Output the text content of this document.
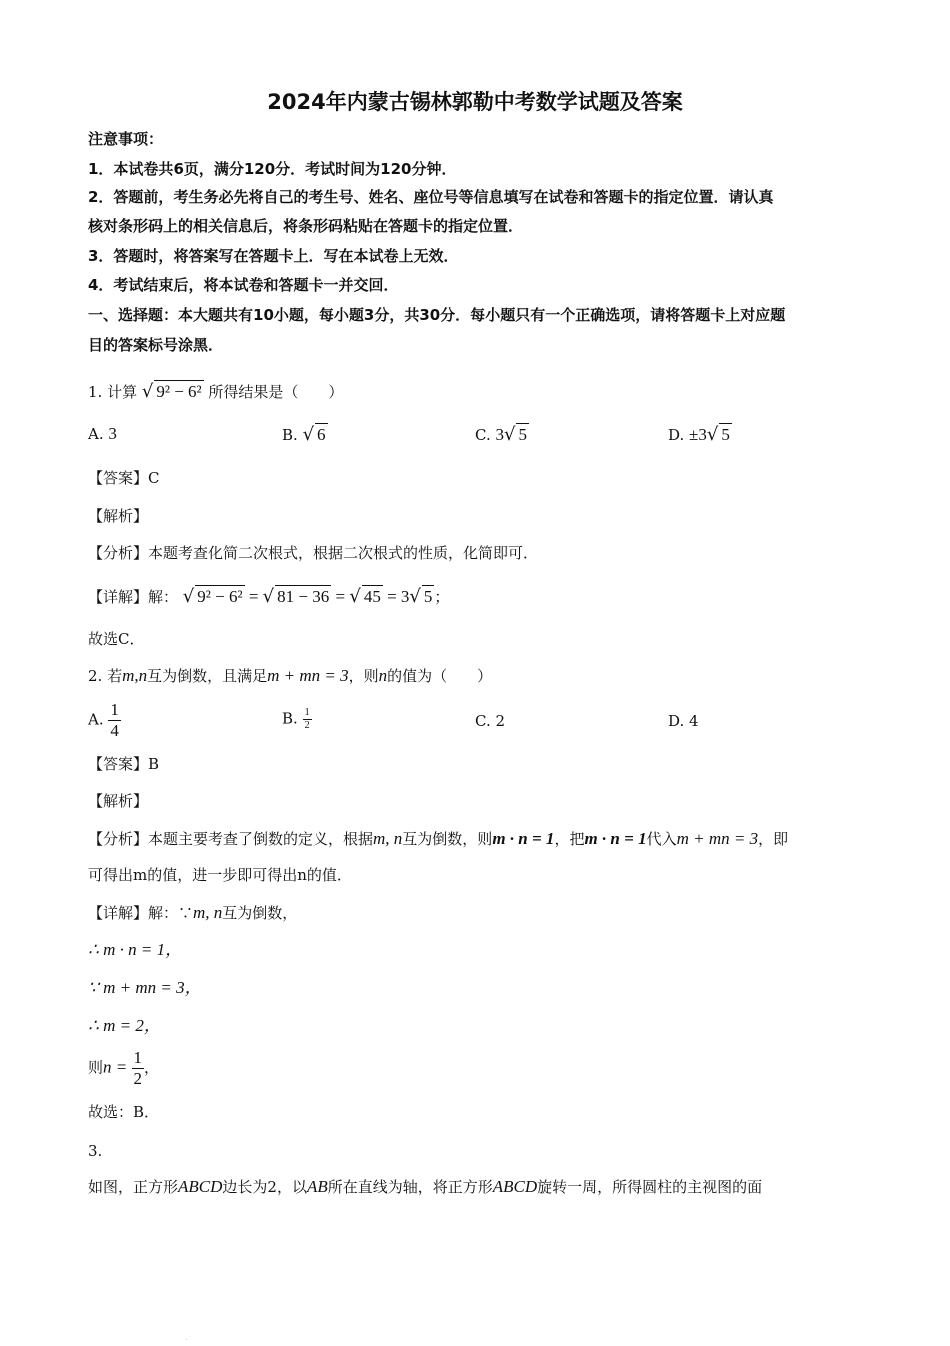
2024年内蒙古锡林郭勒中考数学试题及答案
注意事项：
1．本试卷共6页，满分120分．考试时间为120分钟．
2．答题前，考生务必先将自己的考生号、姓名、座位号等信息填写在试卷和答题卡的指定位置．请认真
核对条形码上的相关信息后，将条形码粘贴在答题卡的指定位置．
3．答题时，将答案写在答题卡上．写在本试卷上无效．
4．考试结束后，将本试卷和答题卡一并交回．
一、选择题：本大题共有10小题，每小题3分，共30分．每小题只有一个正确选项，请将答题卡上对应题
目的答案标号涂黑．
1. 计算 √ 9² − 6² 所得结果是（　　）
A. 3	B. √ 6	C. 3√ 5	D. ±3√ 5
【答案】C
【解析】
【分析】本题考查化简二次根式，根据二次根式的性质，化简即可．
【详解】解： √ 9² − 6² = √ 81 − 36 = √ 45 = 3√ 5 ；
故选C．
2. 若m,n互为倒数，且满足m + mn = 3，则n的值为（　　）
A. $\frac{1}{4}$	B. $\frac{1}{2}$	C. 2	D. 4
【答案】B
【解析】
【分析】本题主要考查了倒数的定义，根据m, n互为倒数，则m · n = 1，把m · n = 1代入m + mn = 3，即
可得出m的值，进一步即可得出n的值．
【详解】解：∵m, n互为倒数，
∴ m · n = 1，
∵ m + mn = 3，
∴ m = 2，
则$n = \frac{1}{2}$ ，
故选：B．
3.
如图，正方形ABCD边长为2，以AB所在直线为轴，将正方形ABCD旋转一周，所得圆柱的主视图的面
·
